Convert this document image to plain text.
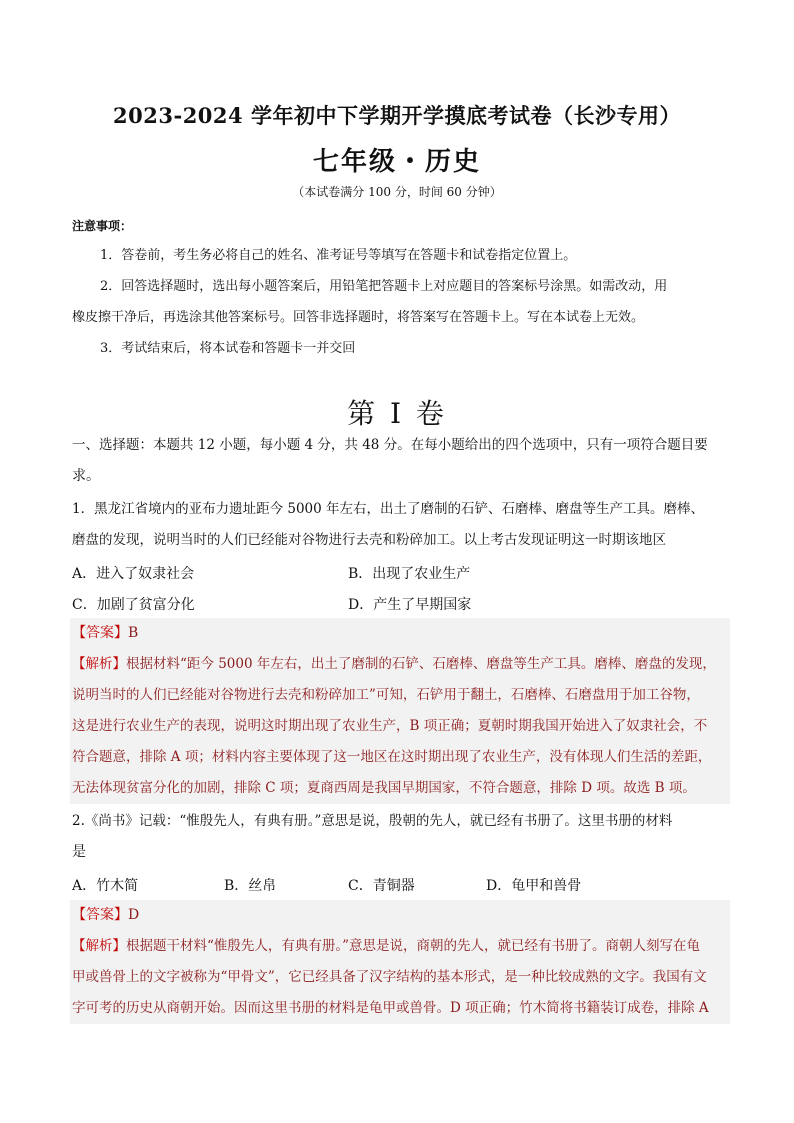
2023-2024 学年初中下学期开学摸底考试卷（长沙专用）
七年级・历史
（本试卷满分 100 分，时间 60 分钟）
注意事项：
1．答卷前，考生务必将自己的姓名、准考证号等填写在答题卡和试卷指定位置上。
2．回答选择题时，选出每小题答案后，用铅笔把答题卡上对应题目的答案标号涂黑。如需改动，用
橡皮擦干净后，再选涂其他答案标号。回答非选择题时，将答案写在答题卡上。写在本试卷上无效。
3．考试结束后，将本试卷和答题卡一并交回
第 I 卷
一、选择题：本题共 12 小题，每小题 4 分，共 48 分。在每小题给出的四个选项中，只有一项符合题目要
求。
1．黑龙江省境内的亚布力遗址距今 5000 年左右，出土了磨制的石铲、石磨棒、磨盘等生产工具。磨棒、
磨盘的发现，说明当时的人们已经能对谷物进行去壳和粉碎加工。以上考古发现证明这一时期该地区
A．进入了奴隶社会	B．出现了农业生产
C．加剧了贫富分化	D．产生了早期国家
【答案】B
【解析】根据材料“距今 5000 年左右，出土了磨制的石铲、石磨棒、磨盘等生产工具。磨棒、磨盘的发现，
说明当时的人们已经能对谷物进行去壳和粉碎加工”可知，石铲用于翻土，石磨棒、石磨盘用于加工谷物，
这是进行农业生产的表现，说明这时期出现了农业生产，B 项正确；夏朝时期我国开始进入了奴隶社会，不
符合题意，排除 A 项；材料内容主要体现了这一地区在这时期出现了农业生产，没有体现人们生活的差距，
无法体现贫富分化的加剧，排除 C 项；夏商西周是我国早期国家，不符合题意，排除 D 项。故选 B 项。
2.《尚书》记载：“惟殷先人，有典有册。”意思是说，殷朝的先人，就已经有书册了。这里书册的材料
是
A．竹木简	B．丝帛	C．青铜器	D．龟甲和兽骨
【答案】D
【解析】根据题干材料“惟殷先人，有典有册。”意思是说，商朝的先人，就已经有书册了。商朝人刻写在龟
甲或兽骨上的文字被称为“甲骨文”，它已经具备了汉字结构的基本形式，是一种比较成熟的文字。我国有文
字可考的历史从商朝开始。因而这里书册的材料是龟甲或兽骨。D 项正确；竹木简将书籍装订成卷，排除 A
